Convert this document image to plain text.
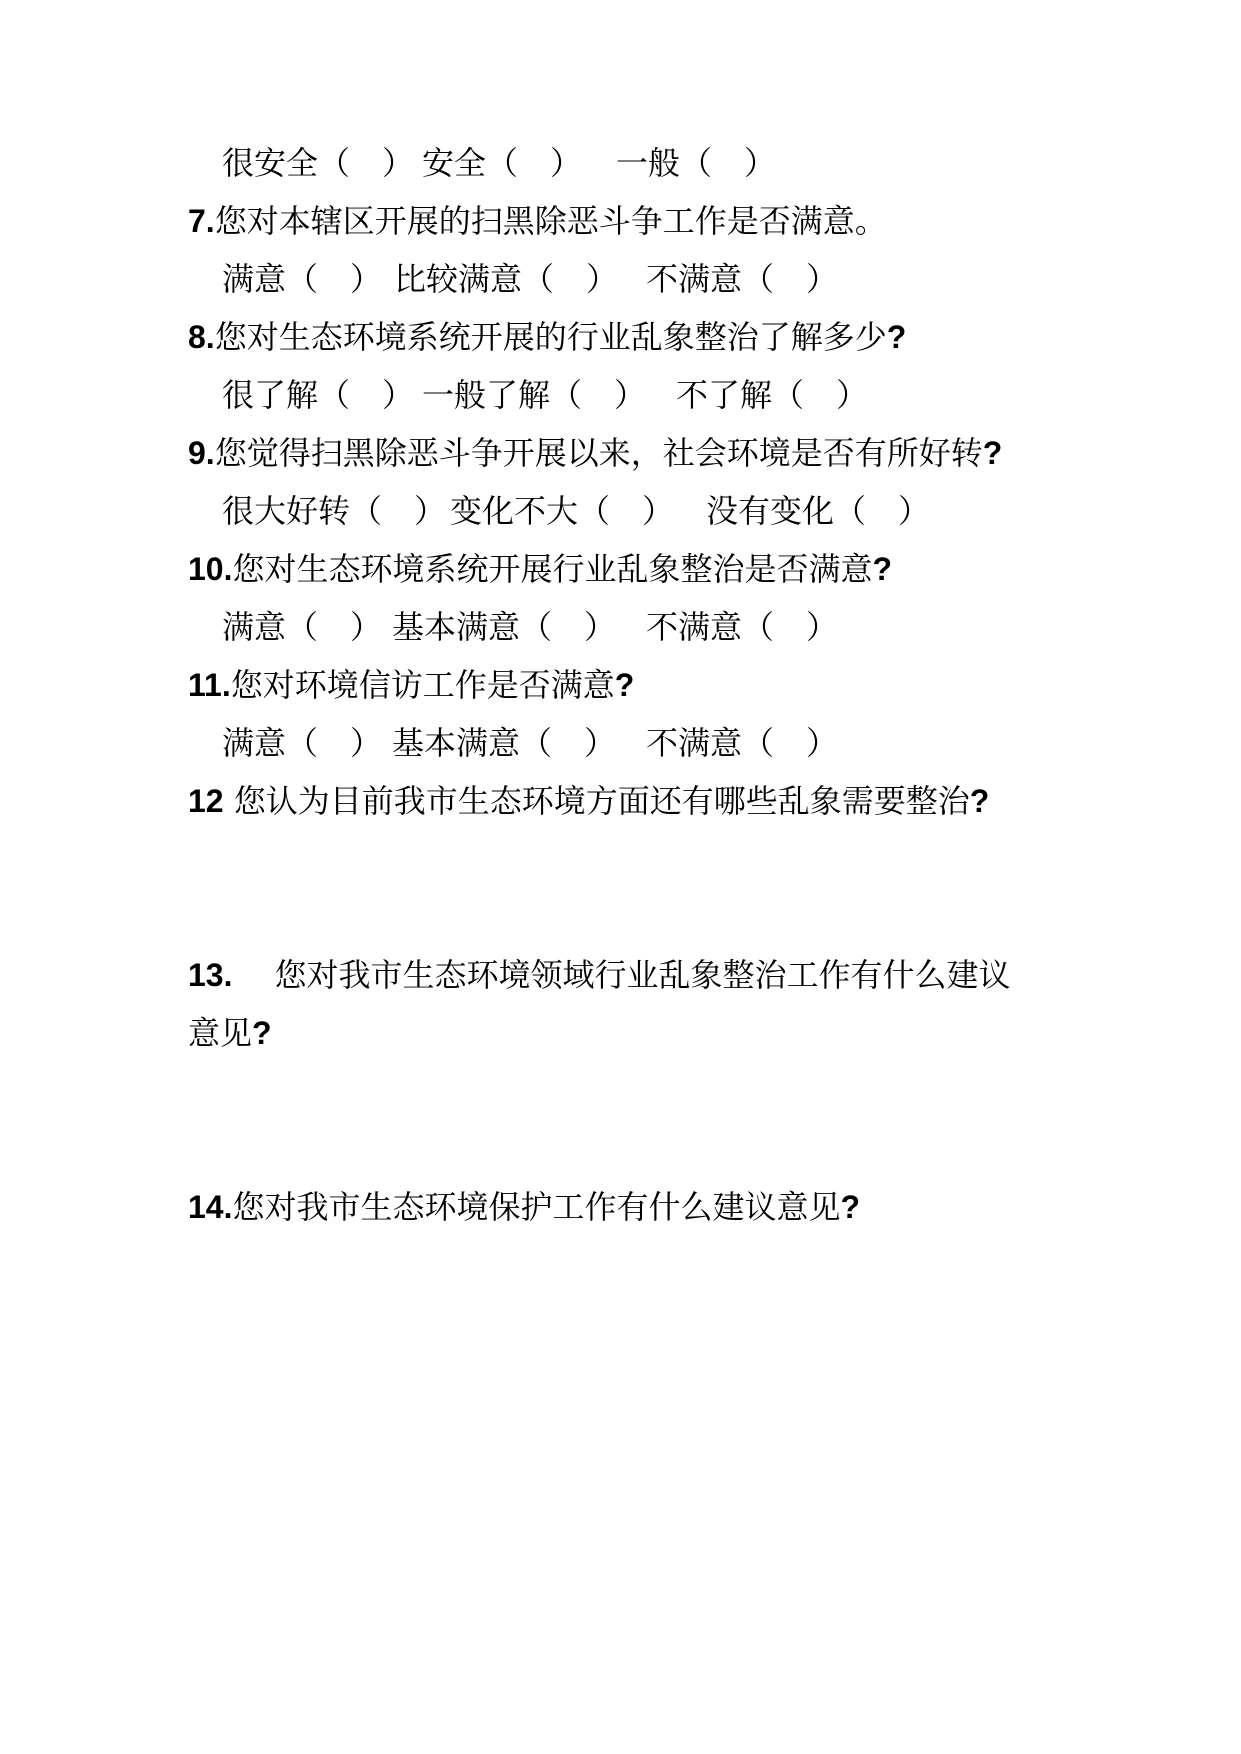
很安全（　） 安全（　） 一般（　）
7.您对本辖区开展的扫黑除恶斗争工作是否满意。
满意（　） 比较满意（　） 不满意（　）
8.您对生态环境系统开展的行业乱象整治了解多少?
很了解（　） 一般了解（　） 不了解（　）
9.您觉得扫黑除恶斗争开展以来，社会环境是否有所好转?
很大好转（　） 变化不大（　） 没有变化（　）
10.您对生态环境系统开展行业乱象整治是否满意?
满意（　） 基本满意（　） 不满意（　）
11.您对环境信访工作是否满意?
满意（　） 基本满意（　） 不满意（　）
12 您认为目前我市生态环境方面还有哪些乱象需要整治?
13. 您对我市生态环境领域行业乱象整治工作有什么建议
意见?
14.您对我市生态环境保护工作有什么建议意见?
